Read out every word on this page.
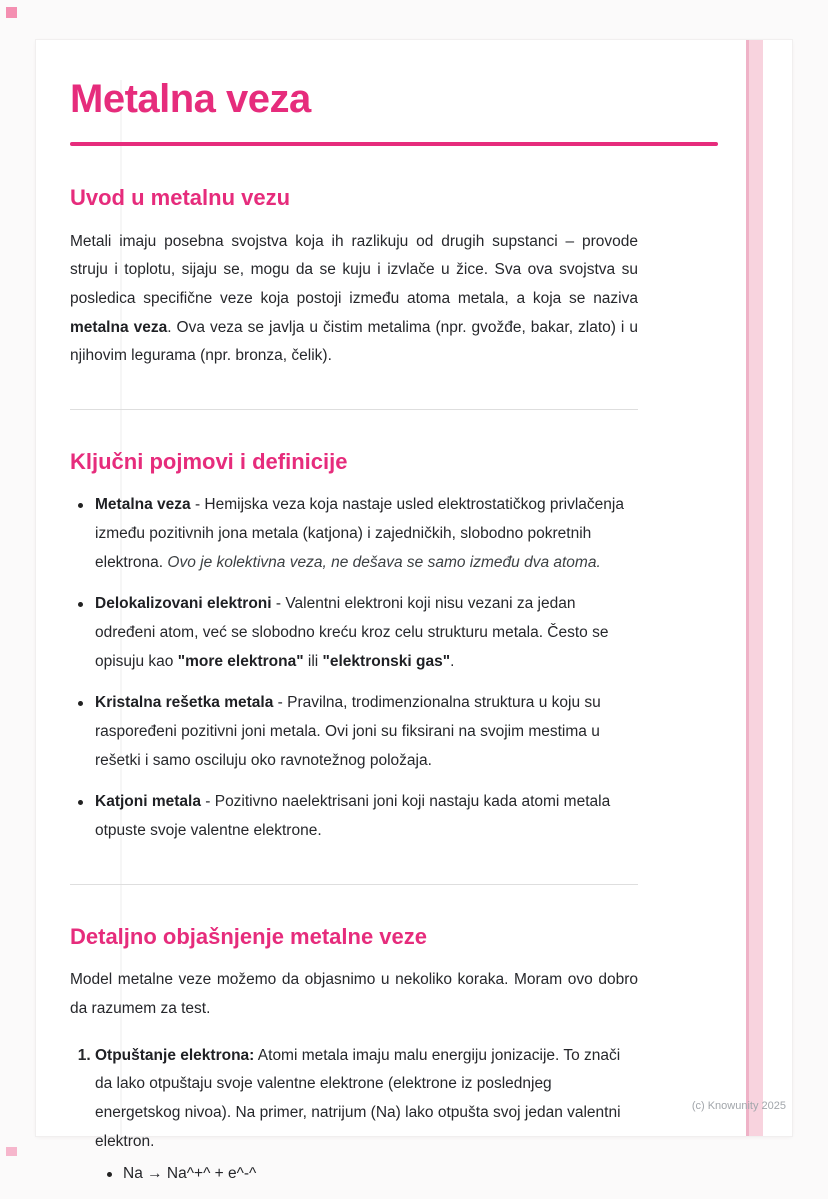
Metalna veza
Uvod u metalnu vezu

Metali imaju posebna svojstva koja ih razlikuju od drugih supstanci – provode struju i toplotu, sijaju se, mogu da se kuju i izvlače u žice. Sva ova svojstva su posledica specifične veze koja postoji između atoma metala, a koja se naziva metalna veza. Ova veza se javlja u čistim metalima (npr. gvožđe, bakar, zlato) i u njihovim legurama (npr. bronza, čelik).

Ključni pojmovi i definicije
Metalna veza - Hemijska veza koja nastaje usled elektrostatičkog privlačenja između pozitivnih jona metala (katjona) i zajedničkih, slobodno pokretnih elektrona. Ovo je kolektivna veza, ne dešava se samo između dva atoma.
Delokalizovani elektroni - Valentni elektroni koji nisu vezani za jedan određeni atom, već se slobodno kreću kroz celu strukturu metala. Često se opisuju kao "more elektrona" ili "elektronski gas".
Kristalna rešetka metala - Pravilna, trodimenzionalna struktura u koju su raspoređeni pozitivni joni metala. Ovi joni su fiksirani na svojim mestima u rešetki i samo osciluju oko ravnotežnog položaja.
Katjoni metala - Pozitivno naelektrisani joni koji nastaju kada atomi metala otpuste svoje valentne elektrone.
Detaljno objašnjenje metalne veze

Model metalne veze možemo da objasnimo u nekoliko koraka. Moram ovo dobro da razumem za test.

1. Otpuštanje elektrona: Atomi metala imaju malu energiju jonizacije. To znači da lako otpuštaju svoje valentne elektrone (elektrone iz poslednjeg energetskog nivoa). Na primer, natrijum (Na) lako otpušta svoj jedan valentni elektron.
Na → Na^+^ + e^-^
(c) Knowunity 2025
